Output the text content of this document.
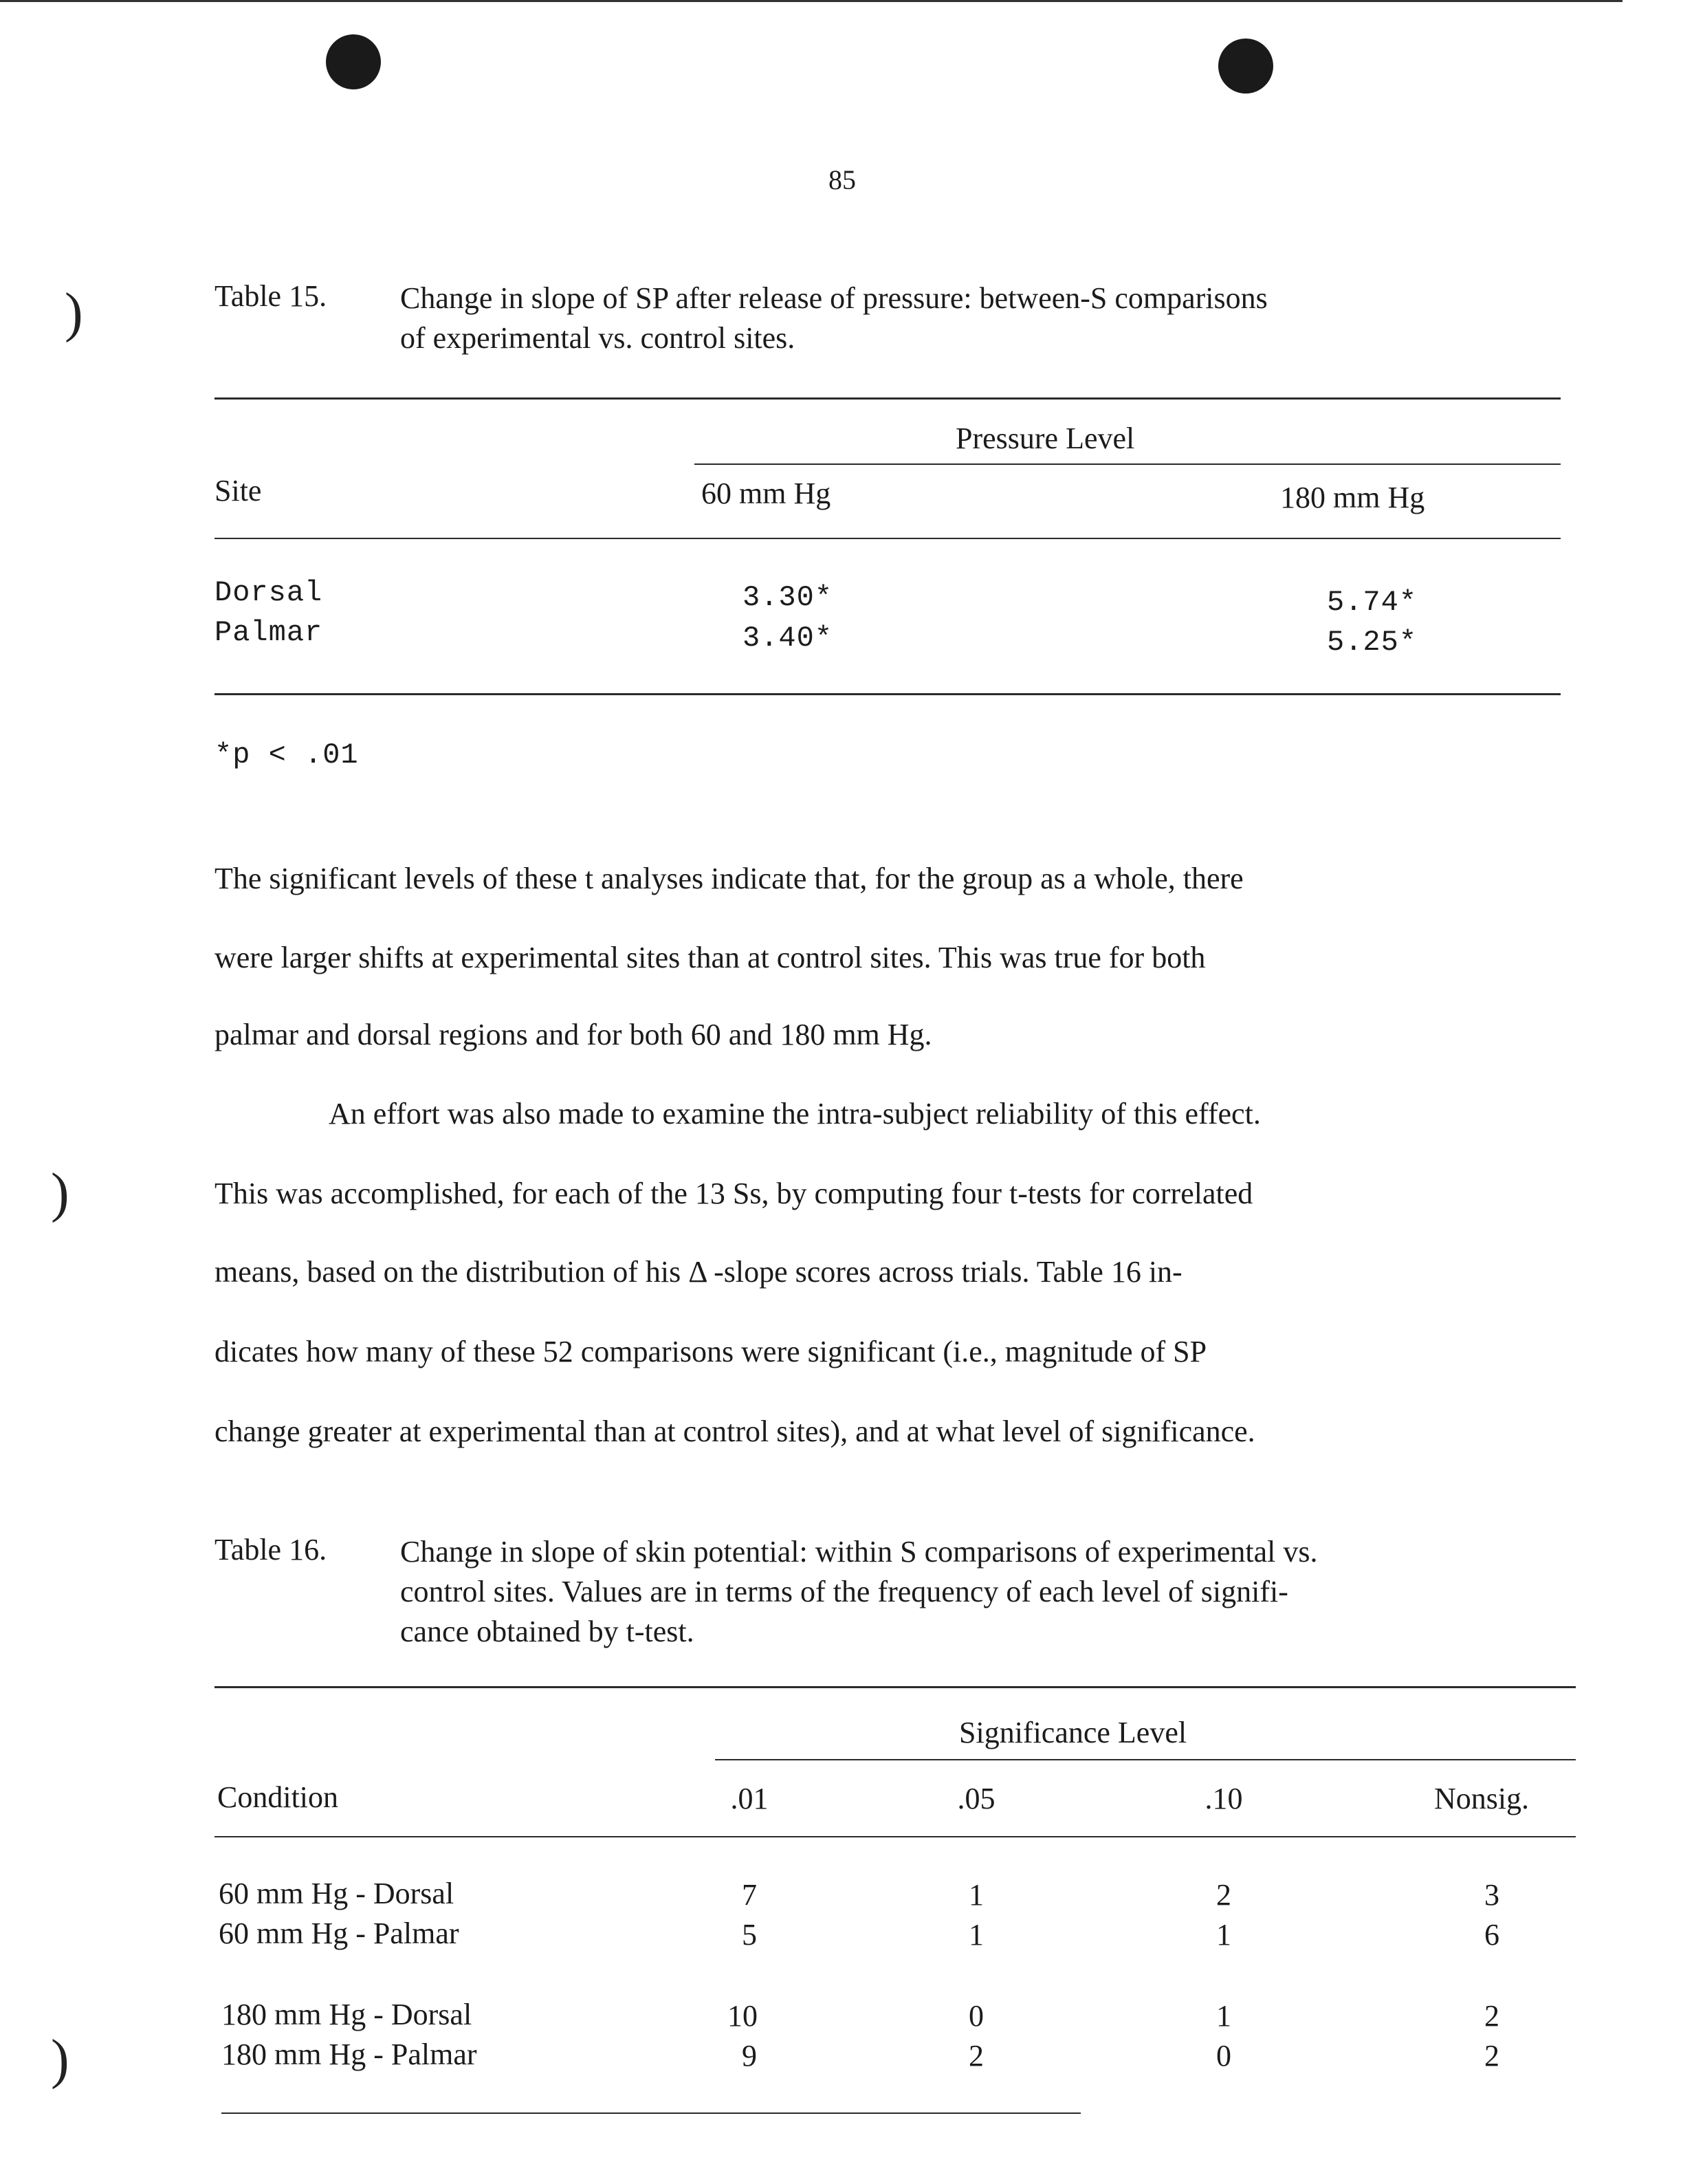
)
)
)
85
Table 15. Change in slope of SP after release of pressure: between-S comparisons
of experimental vs. control sites.
Pressure Level
Site	60 mm Hg	180 mm Hg
Dorsal	3.30*	5.74*
Palmar	3.40*	5.25*
*p < .01
The significant levels of these t analyses indicate that, for the group as a whole, there
were larger shifts at experimental sites than at control sites. This was true for both
palmar and dorsal regions and for both 60 and 180 mm Hg.
An effort was also made to examine the intra-subject reliability of this effect.
This was accomplished, for each of the 13 Ss, by computing four t-tests for correlated
means, based on the distribution of his Δ -slope scores across trials. Table 16 in-
dicates how many of these 52 comparisons were significant (i.e., magnitude of SP
change greater at experimental than at control sites), and at what level of significance.
Table 16. Change in slope of skin potential: within S comparisons of experimental vs.
control sites. Values are in terms of the frequency of each level of signifi-
cance obtained by t-test.
Significance Level
Condition	.01	.05	.10	Nonsig.
60 mm Hg - Dorsal	7	1	2	3
60 mm Hg - Palmar	5	1	1	6
180 mm Hg - Dorsal	10	0	1	2
180 mm Hg - Palmar	9	2	0	2
